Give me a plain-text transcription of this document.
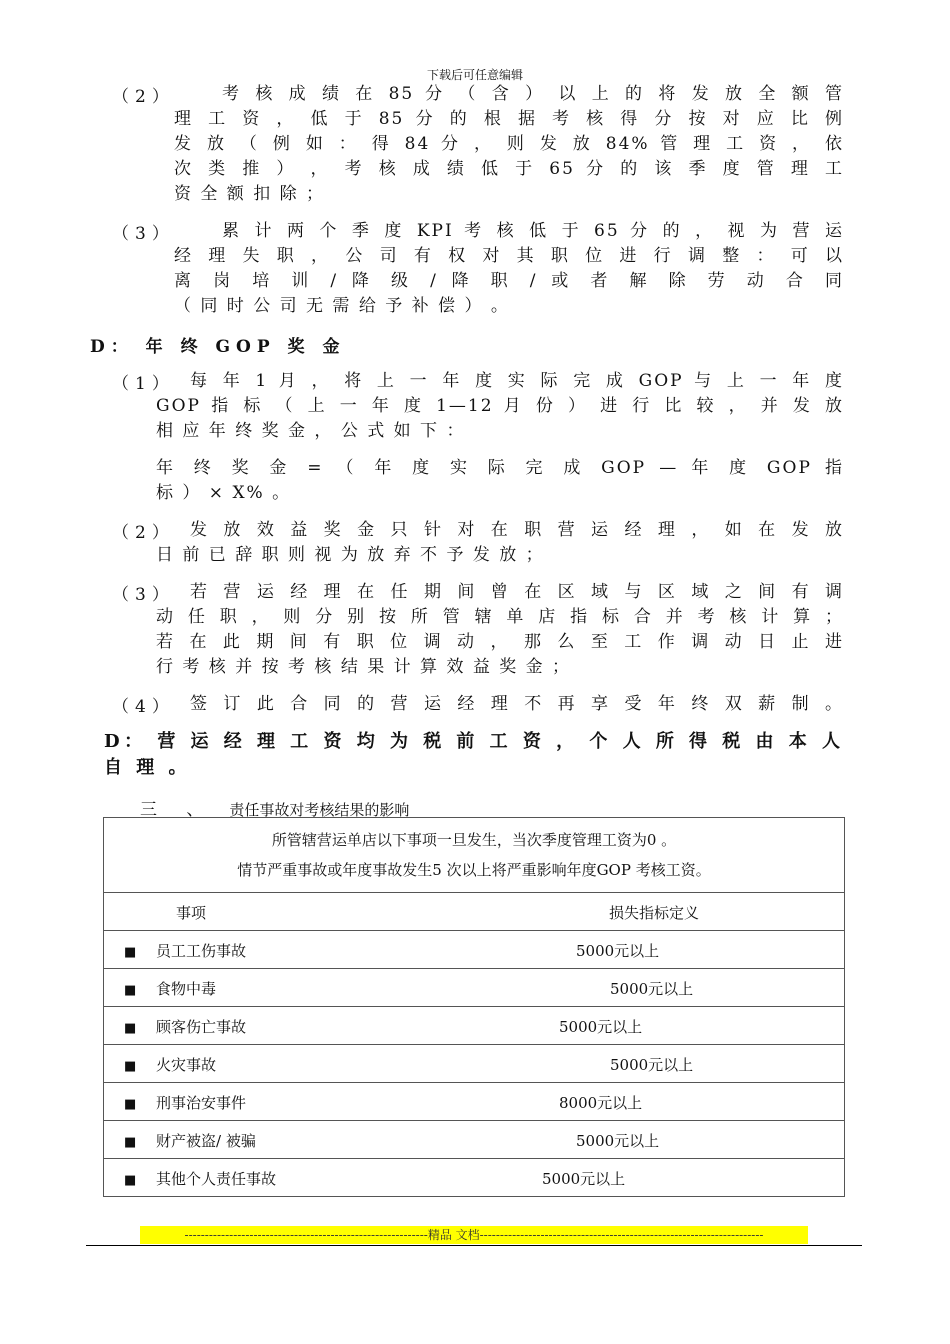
下载后可任意编辑
（2）	考 核 成 绩 在 85 分 （ 含 ） 以 上 的 将 发 放 全 额 管
理 工 资 ， 低 于 85 分 的 根 据 考 核 得 分 按 对 应 比 例
发 放 （ 例 如 ： 得 84 分 ， 则 发 放 84% 管 理 工 资 ， 依
次 类 推 ） ， 考 核 成 绩 低 于 65 分 的 该 季 度 管 理 工
资 全 额 扣 除 ；
（3）	累 计 两 个 季 度 KPI 考 核 低 于 65 分 的 ， 视 为 营 运
经 理 失 职 ， 公 司 有 权 对 其 职 位 进 行 调 整 ： 可 以
离 岗 培 训 / 降 级 / 降 职 / 或 者 解 除 劳 动 合 同
（ 同 时 公 司 无 需 给 予 补 偿 ） 。
D： 年 终 GOP 奖 金
（1） 每 年 1 月 ， 将 上 一 年 度 实 际 完 成 GOP 与 上 一 年 度
GOP 指 标 （ 上 一 年 度 1—12 月 份 ） 进 行 比 较 ， 并 发 放
相 应 年 终 奖 金 ， 公 式 如 下 ：
年 终 奖 金 = （ 年 度 实 际 完 成 GOP — 年 度 GOP 指
标 ） × X% 。
（2） 发 放 效 益 奖 金 只 针 对 在 职 营 运 经 理 ， 如 在 发 放
日 前 已 辞 职 则 视 为 放 弃 不 予 发 放 ；
（3） 若 营 运 经 理 在 任 期 间 曾 在 区 域 与 区 域 之 间 有 调
动 任 职 ， 则 分 别 按 所 管 辖 单 店 指 标 合 并 考 核 计 算 ；
若 在 此 期 间 有 职 位 调 动 ， 那 么 至 工 作 调 动 日 止 进
行 考 核 并 按 考 核 结 果 计 算 效 益 奖 金 ；
（4） 签 订 此 合 同 的 营 运 经 理 不 再 享 受 年 终 双 薪 制 。
D： 营 运 经 理 工 资 均 为 税 前 工 资 ， 个 人 所 得 税 由 本 人
自 理 。
三 、 责任事故对考核结果的影响
所管辖营运单店以下事项一旦发生，当次季度管理工资为0 。
情节严重事故或年度事故发生5 次以上将严重影响年度GOP 考核工资。

事项	损失指标定义

■ 员工工伤事故	5000元以上

■ 食物中毒	5000元以上

■ 顾客伤亡事故	5000元以上

■ 火灾事故	5000元以上

■ 刑事治安事件	8000元以上

■ 财产被盗/ 被骗	5000元以上

■ 其他个人责任事故	5000元以上
------------------------------------------------------------精品 文档----------------------------------------------------------------------
